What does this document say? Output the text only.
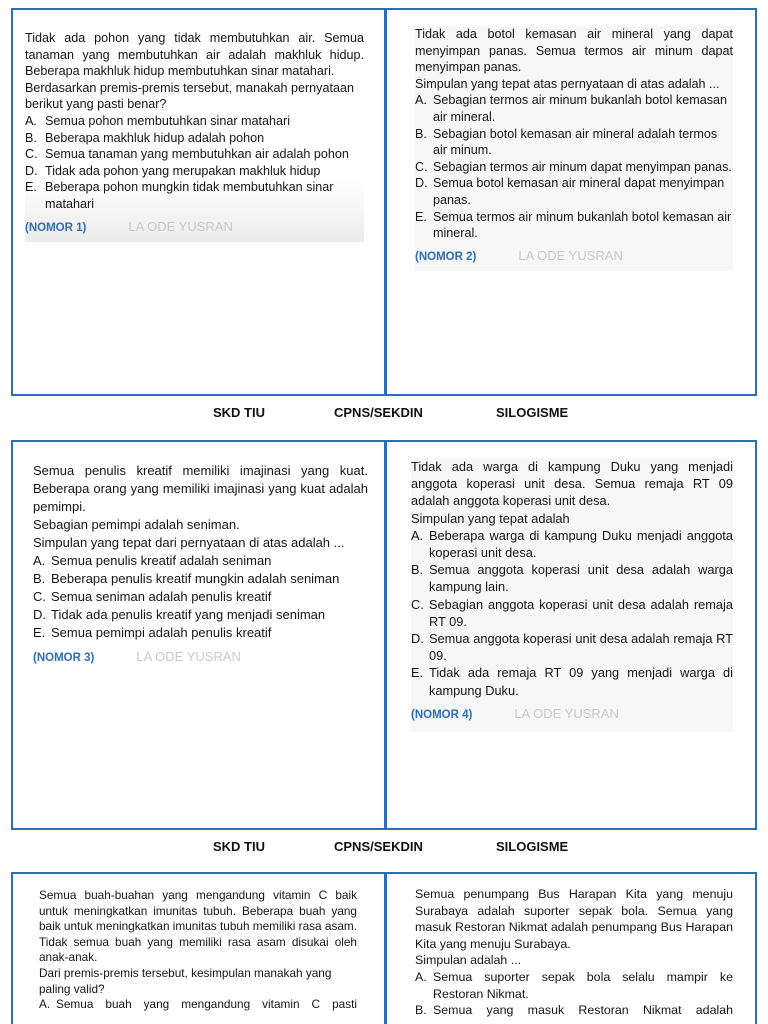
Tidak ada pohon yang tidak membutuhkan air. Semua tanaman yang membutuhkan air adalah makhluk hidup. Beberapa makhluk hidup membutuhkan sinar matahari.
Berdasarkan premis-premis tersebut, manakah pernyataan berikut yang pasti benar?
A. Semua pohon membutuhkan sinar matahari
B. Beberapa makhluk hidup adalah pohon
C. Semua tanaman yang membutuhkan air adalah pohon
D. Tidak ada pohon yang merupakan makhluk hidup
E. Beberapa pohon mungkin tidak membutuhkan sinar matahari
(NOMOR 1)	LA ODE YUSRAN
Tidak ada botol kemasan air mineral yang dapat menyimpan panas. Semua termos air minum dapat menyimpan panas.
Simpulan yang tepat atas pernyataan di atas adalah ...
A. Sebagian termos air minum bukanlah botol kemasan air mineral.
B. Sebagian botol kemasan air mineral adalah termos air minum.
C. Sebagian termos air minum dapat menyimpan panas.
D. Semua botol kemasan air mineral dapat menyimpan panas.
E. Semua termos air minum bukanlah botol kemasan air mineral.
(NOMOR 2)	LA ODE YUSRAN
SKD TIU	CPNS/SEKDIN	SILOGISME
Semua penulis kreatif memiliki imajinasi yang kuat. Beberapa orang yang memiliki imajinasi yang kuat adalah pemimpi.
Sebagian pemimpi adalah seniman.
Simpulan yang tepat dari pernyataan di atas adalah ...
A. Semua penulis kreatif adalah seniman
B. Beberapa penulis kreatif mungkin adalah seniman
C. Semua seniman adalah penulis kreatif
D. Tidak ada penulis kreatif yang menjadi seniman
E. Semua pemimpi adalah penulis kreatif
(NOMOR 3)	LA ODE YUSRAN
Tidak ada warga di kampung Duku yang menjadi anggota koperasi unit desa. Semua remaja RT 09 adalah anggota koperasi unit desa.
Simpulan yang tepat adalah
A. Beberapa warga di kampung Duku menjadi anggota koperasi unit desa.
B. Semua anggota koperasi unit desa adalah warga kampung lain.
C. Sebagian anggota koperasi unit desa adalah remaja RT 09.
D. Semua anggota koperasi unit desa adalah remaja RT 09.
E. Tidak ada remaja RT 09 yang menjadi warga di kampung Duku.
(NOMOR 4)	LA ODE YUSRAN
SKD TIU	CPNS/SEKDIN	SILOGISME
Semua buah-buahan yang mengandung vitamin C baik untuk meningkatkan imunitas tubuh. Beberapa buah yang baik untuk meningkatkan imunitas tubuh memiliki rasa asam. Tidak semua buah yang memiliki rasa asam disukai oleh anak-anak.
Dari premis-premis tersebut, kesimpulan manakah yang paling valid?
A. Semua buah yang mengandung vitamin C pasti
Semua penumpang Bus Harapan Kita yang menuju Surabaya adalah suporter sepak bola. Semua yang masuk Restoran Nikmat adalah penumpang Bus Harapan Kita yang menuju Surabaya.
Simpulan adalah ...
A. Semua suporter sepak bola selalu mampir ke Restoran Nikmat.
B. Semua yang masuk Restoran Nikmat adalah
